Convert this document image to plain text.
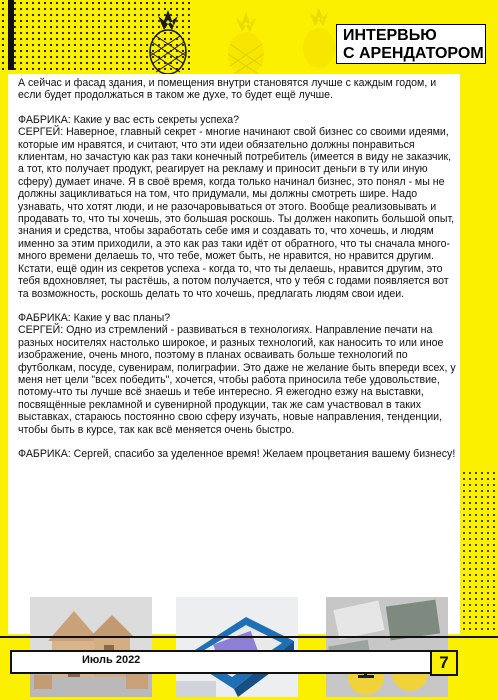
ИНТЕРВЬЮ
С АРЕНДАТОРОМ

А сейчас и фасад здания, и помещения внутри становятся лучше с каждым годом, и если будет продолжаться в таком же духе, то будет ещё лучше.

ФАБРИКА: Какие у вас есть секреты успеха?

СЕРГЕЙ: Наверное, главный секрет - многие начинают свой бизнес со своими идеями, которые им нравятся, и считают, что эти идеи обязательно должны понравиться клиентам, но зачастую как раз таки конечный потребитель (имеется в виду не заказчик, а тот, кто получает продукт, реагирует на рекламу и приносит деньги в ту или иную сферу) думает иначе. Я в своё время, когда только начинал бизнес, это понял - мы не должны зацикливаться на том, что придумали, мы должны смотреть шире. Надо узнавать, что хотят люди, и не разочаровываться от этого. Вообще реализовывать и продавать то, что ты хочешь, это большая роскошь. Ты должен накопить большой опыт, знания и средства, чтобы заработать себе имя и создавать то, что хочешь, и людям именно за этим приходили, а это как раз таки идёт от обратного, что ты сначала много-много времени делаешь то, что тебе, может быть, не нравится, но нравится другим.

Кстати, ещё один из секретов успеха - когда то, что ты делаешь, нравится другим, это тебя вдохновляет, ты растёшь, а потом получается, что у тебя с годами появляется вот та возможность, роскошь делать то что хочешь, предлагать людям свои идеи.

ФАБРИКА: Какие у вас планы?

СЕРГЕЙ: Одно из стремлений - развиваться в технологиях. Направление печати на разных носителях настолько широкое, и разных технологий, как наносить то или иное изображение, очень много, поэтому в планах осваивать больше технологий по футболкам, посуде, сувенирам, полиграфии. Это даже не желание быть впереди всех, у меня нет цели "всех победить", хочется, чтобы работа приносила тебе удовольствие, потому-что ты лучше всё знаешь и тебе интересно. Я ежегодно езжу на выставки, посвящённые рекламной и сувенирной продукции, так же сам участвовал в таких выставках, стараюсь постоянно свою сферу изучать, новые направления, тенденции, чтобы быть в курсе, так как всё меняется очень быстро.

ФАБРИКА: Сергей, спасибо за уделенное время! Желаем процветания вашему бизнесу!

Июль 2022	7
